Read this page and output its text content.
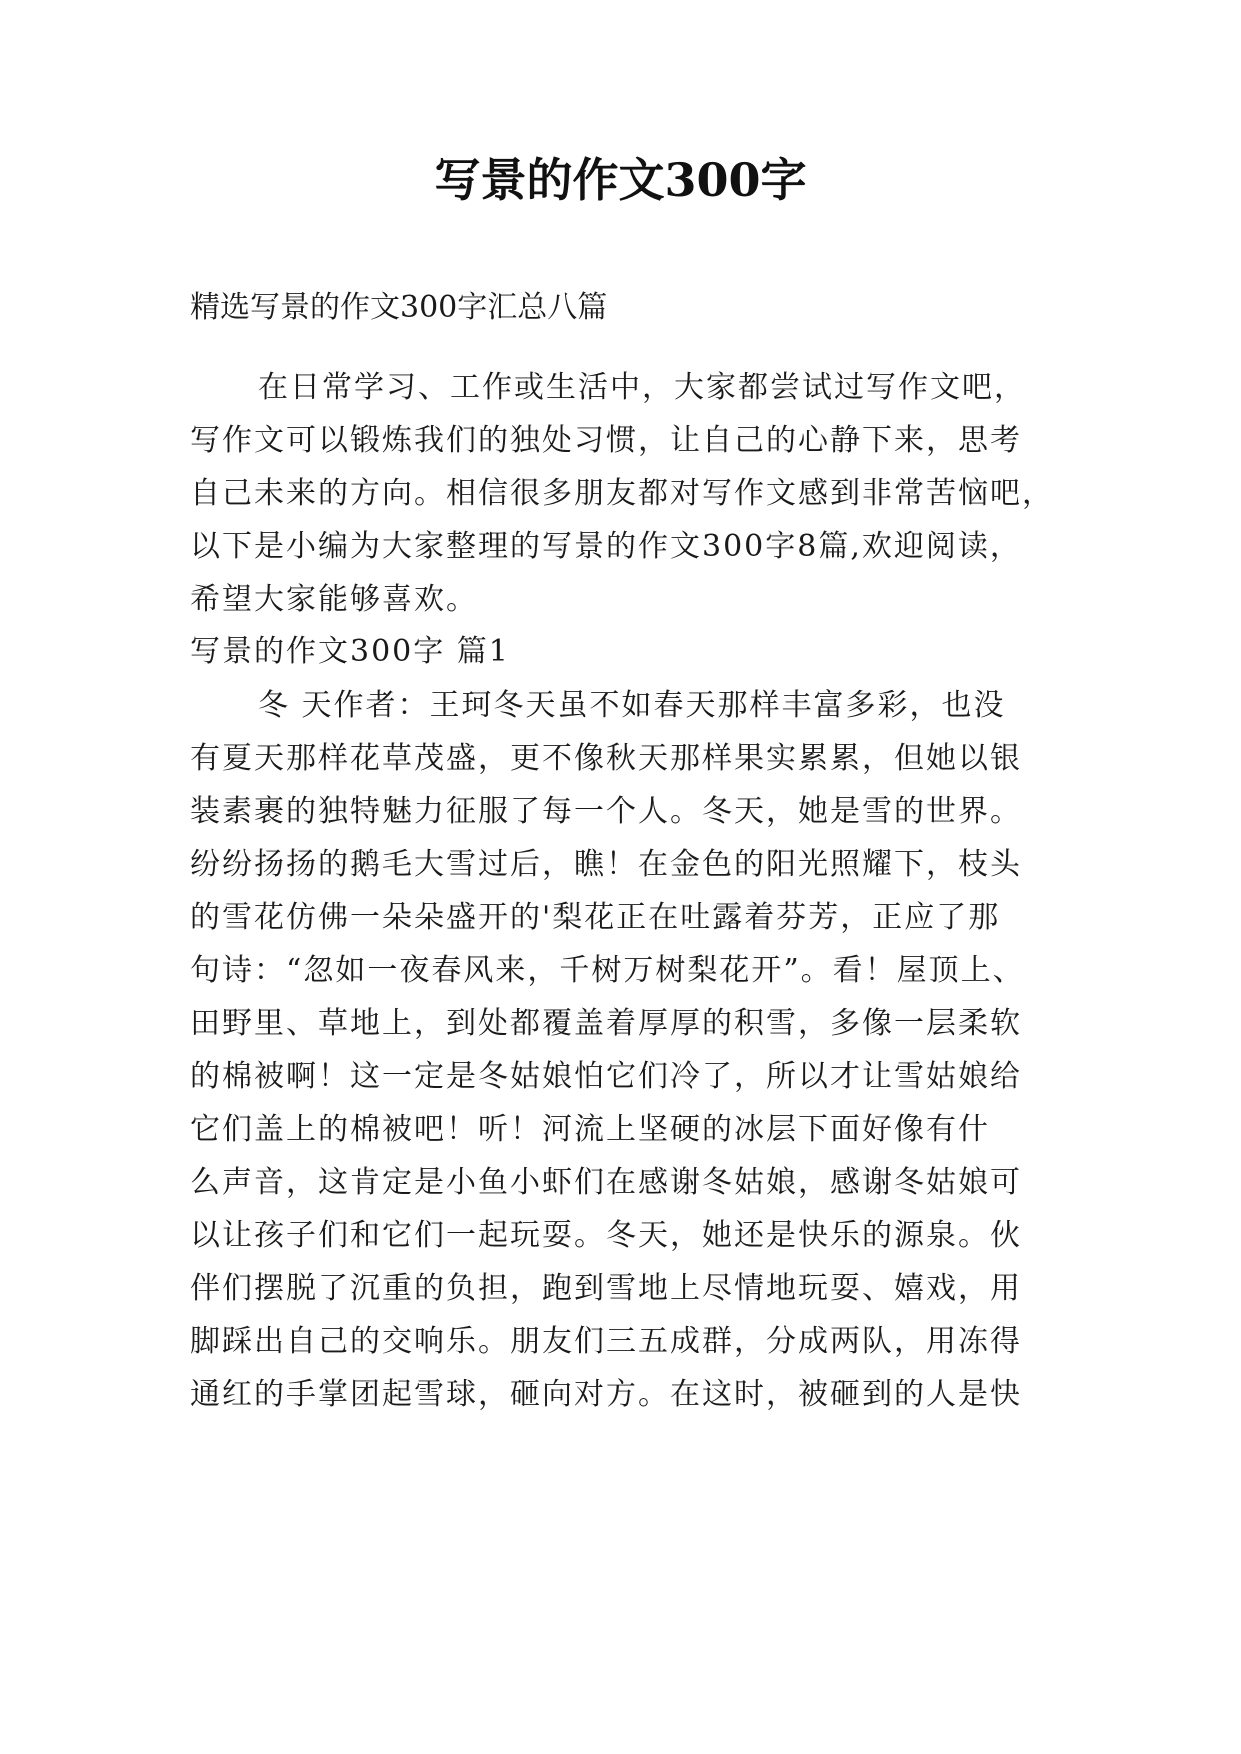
写景的作文300字
精选写景的作文300字汇总八篇
在日常学习、工作或生活中，大家都尝试过写作文吧，
写作文可以锻炼我们的独处习惯，让自己的心静下来，思考
自己未来的方向。相信很多朋友都对写作文感到非常苦恼吧，
以下是小编为大家整理的写景的作文300字8篇,欢迎阅读，
希望大家能够喜欢。
写景的作文300字 篇1
冬 天作者：王珂冬天虽不如春天那样丰富多彩，也没
有夏天那样花草茂盛，更不像秋天那样果实累累，但她以银
装素裹的独特魅力征服了每一个人。冬天，她是雪的世界。
纷纷扬扬的鹅毛大雪过后，瞧！在金色的阳光照耀下，枝头
的雪花仿佛一朵朵盛开的'梨花正在吐露着芬芳，正应了那
句诗：“忽如一夜春风来，千树万树梨花开”。看！屋顶上、
田野里、草地上，到处都覆盖着厚厚的积雪，多像一层柔软
的棉被啊！这一定是冬姑娘怕它们冷了，所以才让雪姑娘给
它们盖上的棉被吧！听！河流上坚硬的冰层下面好像有什
么声音，这肯定是小鱼小虾们在感谢冬姑娘，感谢冬姑娘可
以让孩子们和它们一起玩耍。冬天，她还是快乐的源泉。伙
伴们摆脱了沉重的负担，跑到雪地上尽情地玩耍、嬉戏，用
脚踩出自己的交响乐。朋友们三五成群，分成两队，用冻得
通红的手掌团起雪球，砸向对方。在这时，被砸到的人是快
